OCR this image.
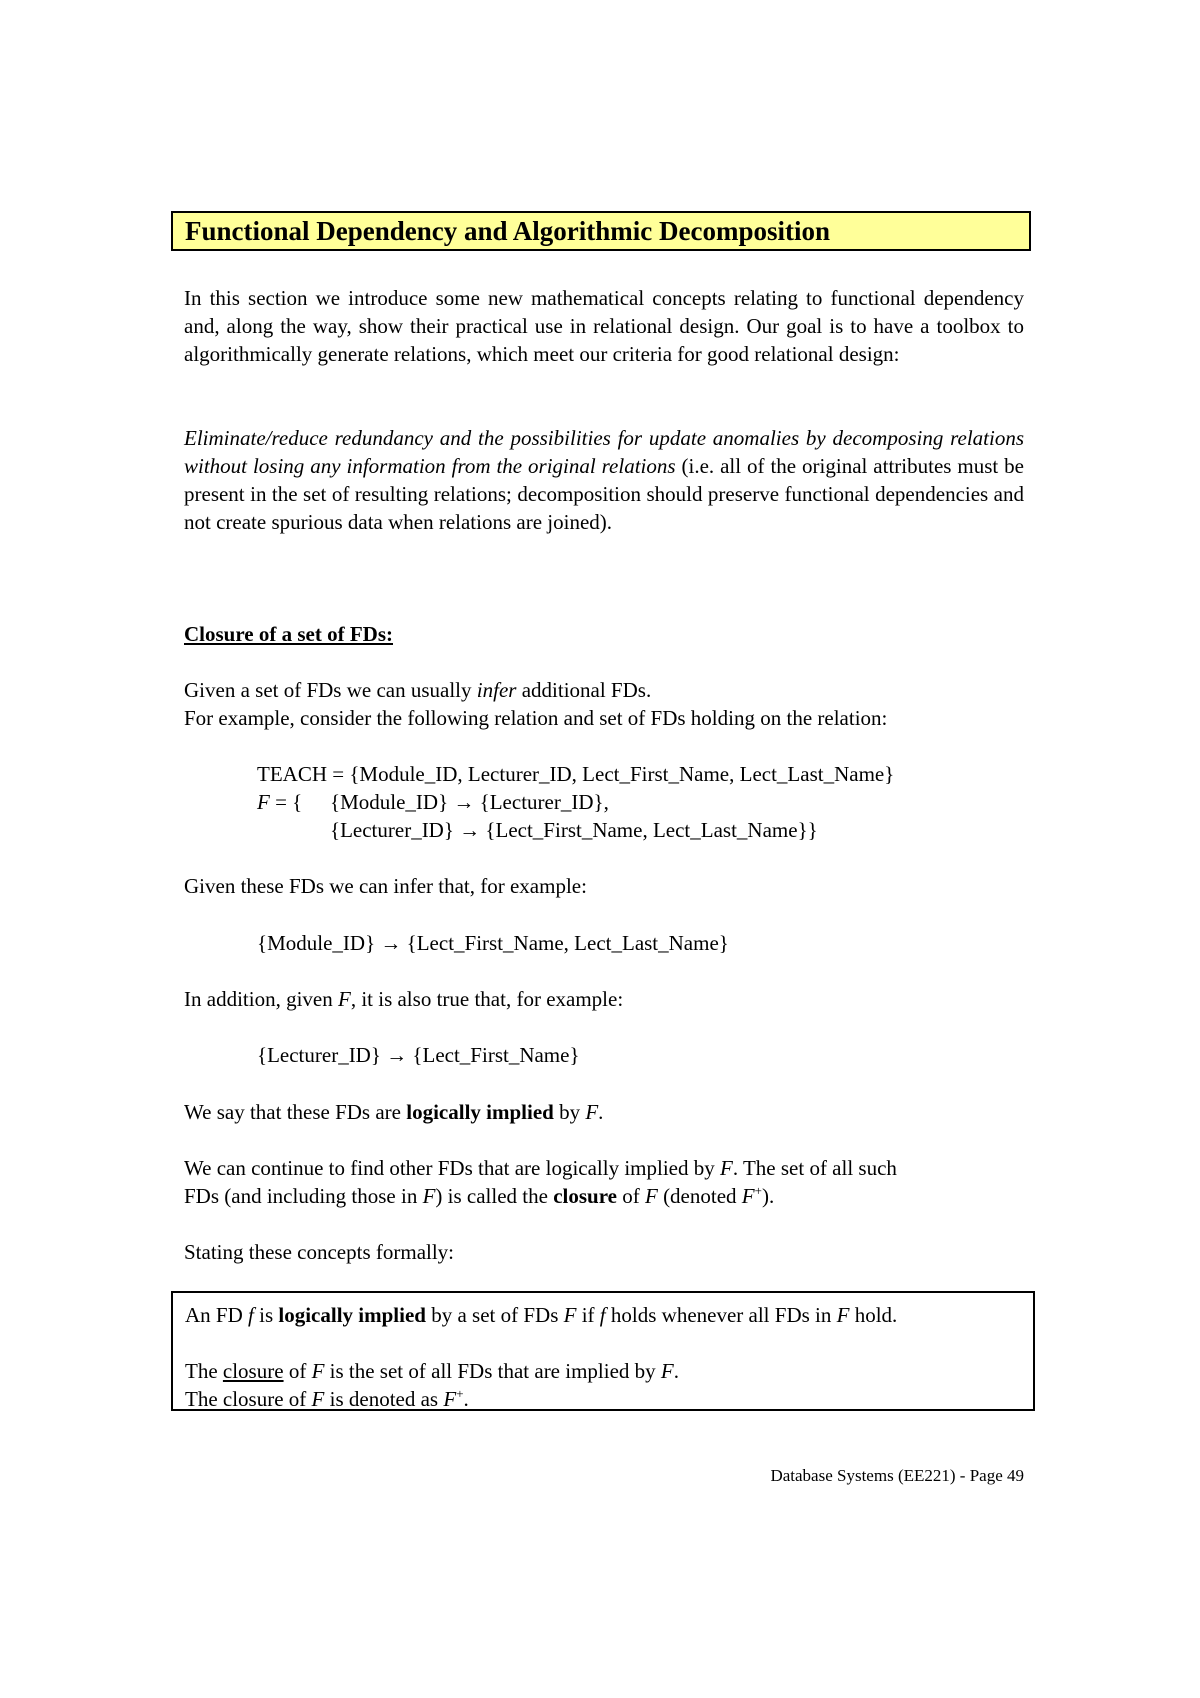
Functional Dependency and Algorithmic Decomposition

In this section we introduce some new mathematical concepts relating to functional dependency and, along the way, show their practical use in relational design. Our goal is to have a toolbox to algorithmically generate relations, which meet our criteria for good relational design:

Eliminate/reduce redundancy and the possibilities for update anomalies by decomposing relations without losing any information from the original relations (i.e. all of the original attributes must be present in the set of resulting relations; decomposition should preserve functional dependencies and not create spurious data when relations are joined).

Closure of a set of FDs:
Given a set of FDs we can usually infer additional FDs.
For example, consider the following relation and set of FDs holding on the relation:
TEACH = {Module_ID, Lecturer_ID, Lect_First_Name, Lect_Last_Name}
F = { {Module_ID} → {Lecturer_ID},
{Lecturer_ID} → {Lect_First_Name, Lect_Last_Name}}
Given these FDs we can infer that, for example:
{Module_ID} → {Lect_First_Name, Lect_Last_Name}
In addition, given F, it is also true that, for example:
{Lecturer_ID} → {Lect_First_Name}
We say that these FDs are logically implied by F.
We can continue to find other FDs that are logically implied by F. The set of all such
FDs (and including those in F) is called the closure of F (denoted F+).
Stating these concepts formally:
An FD f is logically implied by a set of FDs F if f holds whenever all FDs in F hold.
The closure of F is the set of all FDs that are implied by F.
The closure of F is denoted as F+.
Database Systems (EE221) - Page 49
